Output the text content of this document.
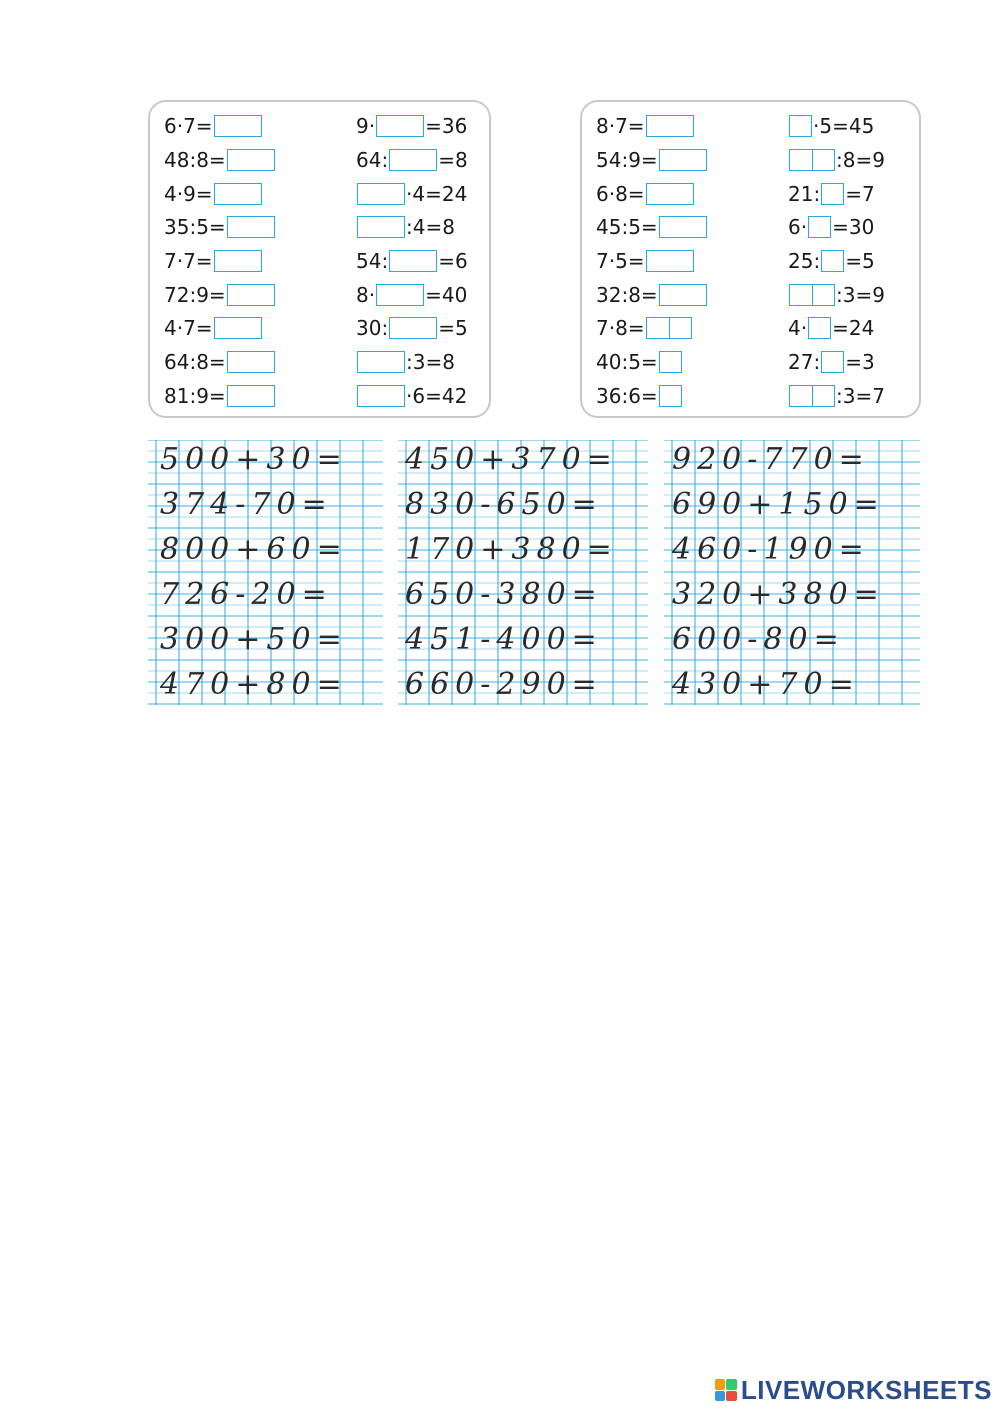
6·7=
48:8=
4·9=
35:5=
7·7=
72:9=
4·7=
64:8=
81:9=
9·	=36
64:	=8
·4=24
:4=8
54:	=6
8·	=40
30:	=5
:3=8
·6=42
8·7=
54:9=
6·8=
45:5=
7·5=
32:8=
7·8=
40:5=
36:6=
·5=45
:8=9
21: =7
6· =30
25: =5
:3=9
4· =24
27: =3
:3=7
LIVEWORKSHEETS
500+30=
374-70=
800+60=
726-20=
300+50=
470+80=
450+370=
830-650=
170+380=
650-380=
451-400=
660-290=
920-770=
690+150=
460-190=
320+380=
600-80=
430+70=
